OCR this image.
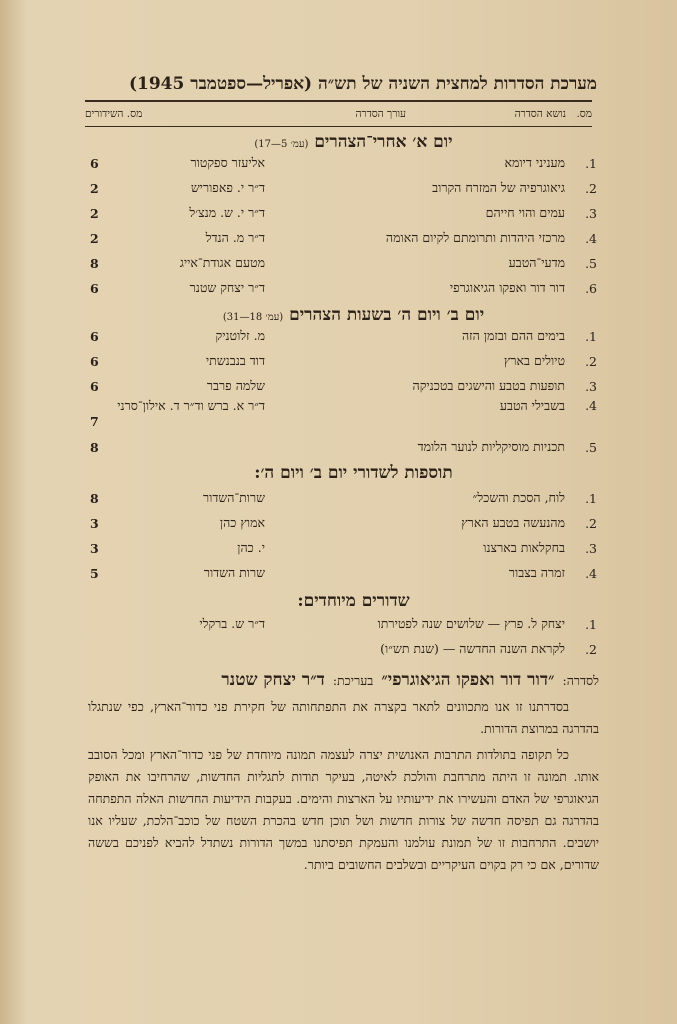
מערכת הסדרות למחצית השניה של תש״ה (אפריל—ספטמבר 1945)
מס.
נושא הסדרה
עורך הסדרה
מס. השידורים
יום א׳ אחרי־הצהרים (עמ׳ 5—17)
1.
מעניני דיומא
אליעזר ספקטור
6
2.
גיאוגרפיה של המזרח הקרוב
ד״ר י. פאפוריש
2
3.
עמים והוי חייהם
ד״ר י. ש. מנצ׳ל
2
4.
מרכזי היהדות ותרומתם לקיום האומה
ד״ר מ. הנדל
2
5.
מדעי־הטבע
מטעם אגודת־אייג
8
6.
דור דור ואפקו הגיאוגרפי
ד״ר יצחק שטנר
6
יום ב׳ ויום ה׳ בשעות הצהרים (עמ׳ 18—31)
1.
בימים ההם ובזמן הזה
מ. זלוטניק
6
2.
טיולים בארץ
דוד בנבנשתי
6
3.
תופעות בטבע והישגים בטכניקה
שלמה פרבר
6
4.
בשבילי הטבע
ד״ר א. ברש וד״ר ד. אילון־סרני
7
5.
תכניות מוסיקליות לנוער הלומד
8
תוספות לשדורי יום ב׳ ויום ה׳:
1.
לוח, הסכת והשכל״
שרות־השדור
8
2.
מהנעשה בטבע הארץ
אמוץ כהן
3
3.
בחקלאות בארצנו
י. כהן
3
4.
זמרה בצבור
שרות השדור
5
שדורים מיוחדים:
1.
יצחק ל. פרץ — שלושים שנה לפטירתו
ד״ר ש. ברקלי
2.
לקראת השנה החדשה — (שנת תש״ו)
לסדרה:
״דור דור ואפקו הגיאוגרפי״
בעריכת:
ד״ר יצחק שטנר
בסדרתנו זו אנו מתכוונים לתאר בקצרה את התפתחותה של חקירת פני כדור־הארץ, כפי שנתגלו בהדרגה במרוצת הדורות.
כל תקופה בתולדות התרבות האנושית יצרה לעצמה תמונה מיוחדת של פני כדור־הארץ ומכל הסובב אותו. תמונה זו היתה מתרחבת והולכת לאיטה, בעיקר תודות לתגליות החדשות, שהרחיבו את האופק הגיאוגרפי של האדם והעשירו את ידיעותיו על הארצות והימים. בעקבות הידיעות החדשות האלה התפתחה בהדרגה גם תפיסה חדשה של צורות חדשות ושל תוכן חדש בהכרת השטח של כוכב־הלכת, שעליו אנו יושבים. התרחבות זו של תמונת עולמנו והעמקת תפיסתנו במשך הדורות נשתדל להביא לפניכם בששה שדורים, אם כי רק בקוים העיקריים ובשלבים החשובים ביותר.
